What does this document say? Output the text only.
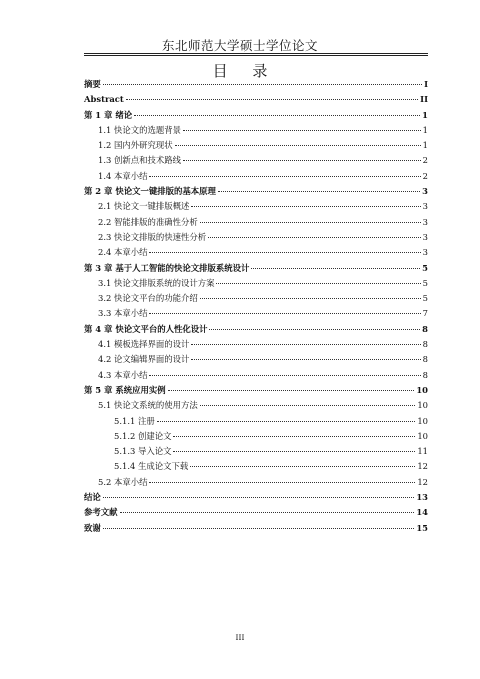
东北师范大学硕士学位论文
目 录
摘要	I
Abstract	II
第 1 章 绪论	1
1.1 快论文的选题背景	1
1.2 国内外研究现状	1
1.3 创新点和技术路线	2
1.4 本章小结	2
第 2 章 快论文一键排版的基本原理	3
2.1 快论文一键排版概述	3
2.2 智能排版的准确性分析	3
2.3 快论文排版的快速性分析	3
2.4 本章小结	3
第 3 章 基于人工智能的快论文排版系统设计	5
3.1 快论文排版系统的设计方案	5
3.2 快论文平台的功能介绍	5
3.3 本章小结	7
第 4 章 快论文平台的人性化设计	8
4.1 模板选择界面的设计	8
4.2 论文编辑界面的设计	8
4.3 本章小结	8
第 5 章 系统应用实例	10
5.1 快论文系统的使用方法	10
5.1.1 注册	10
5.1.2 创建论文	10
5.1.3 导入论文	11
5.1.4 生成论文下载	12
5.2 本章小结	12
结论	13
参考文献	14
致谢	15
III
